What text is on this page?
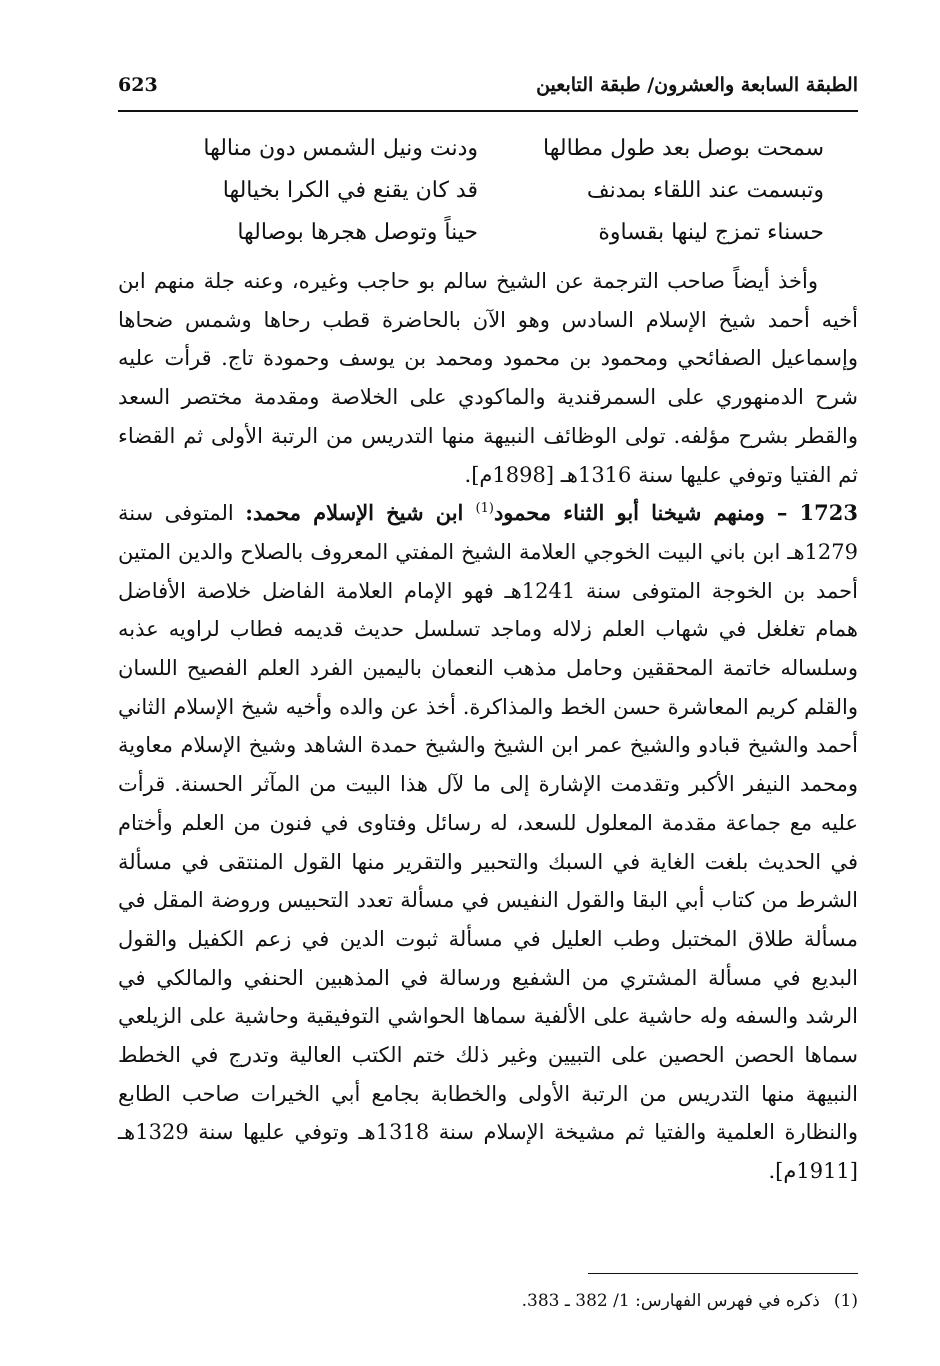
الطبقة السابعة والعشرون/ طبقة التابعين
623
سمحت بوصل بعد طول مطالها
ودنت ونيل الشمس دون منالها
وتبسمت عند اللقاء بمدنف
قد كان يقنع في الكرا بخيالها
حسناء تمزج لينها بقساوة
حيناً وتوصل هجرها بوصالها

وأخذ أيضاً صاحب الترجمة عن الشيخ سالم بو حاجب وغيره، وعنه جلة منهم ابن أخيه أحمد شيخ الإسلام السادس وهو الآن بالحاضرة قطب رحاها وشمس ضحاها وإسماعيل الصفائحي ومحمود بن محمود ومحمد بن يوسف وحمودة تاج. قرأت عليه شرح الدمنهوري على السمرقندية والماكودي على الخلاصة ومقدمة مختصر السعد والقطر بشرح مؤلفه. تولى الوظائف النبيهة منها التدريس من الرتبة الأولى ثم القضاء ثم الفتيا وتوفي عليها سنة 1316هـ [1898م].

1723 – ومنهم شيخنا أبو الثناء محمود$^{(1)}$ ابن شيخ الإسلام محمد: المتوفى سنة 1279هـ ابن باني البيت الخوجي العلامة الشيخ المفتي المعروف بالصلاح والدين المتين أحمد بن الخوجة المتوفى سنة 1241هـ فهو الإمام العلامة الفاضل خلاصة الأفاضل همام تغلغل في شهاب العلم زلاله وماجد تسلسل حديث قديمه فطاب لراويه عذبه وسلساله خاتمة المحققين وحامل مذهب النعمان باليمين الفرد العلم الفصيح اللسان والقلم كريم المعاشرة حسن الخط والمذاكرة. أخذ عن والده وأخيه شيخ الإسلام الثاني أحمد والشيخ قبادو والشيخ عمر ابن الشيخ والشيخ حمدة الشاهد وشيخ الإسلام معاوية ومحمد النيفر الأكبر وتقدمت الإشارة إلى ما لآل هذا البيت من المآثر الحسنة. قرأت عليه مع جماعة مقدمة المعلول للسعد، له رسائل وفتاوى في فنون من العلم وأختام في الحديث بلغت الغاية في السبك والتحبير والتقرير منها القول المنتقى في مسألة الشرط من كتاب أبي البقا والقول النفيس في مسألة تعدد التحبيس وروضة المقل في مسألة طلاق المختبل وطب العليل في مسألة ثبوت الدين في زعم الكفيل والقول البديع في مسألة المشتري من الشفيع ورسالة في المذهبين الحنفي والمالكي في الرشد والسفه وله حاشية على الألفية سماها الحواشي التوفيقية وحاشية على الزيلعي سماها الحصن الحصين على التبيين وغير ذلك ختم الكتب العالية وتدرج في الخطط النبيهة منها التدريس من الرتبة الأولى والخطابة بجامع أبي الخيرات صاحب الطابع والنظارة العلمية والفتيا ثم مشيخة الإسلام سنة 1318هـ وتوفي عليها سنة 1329هـ [1911م].

(1)ذكره في فهرس الفهارس: 1/ 382 ـ 383.
